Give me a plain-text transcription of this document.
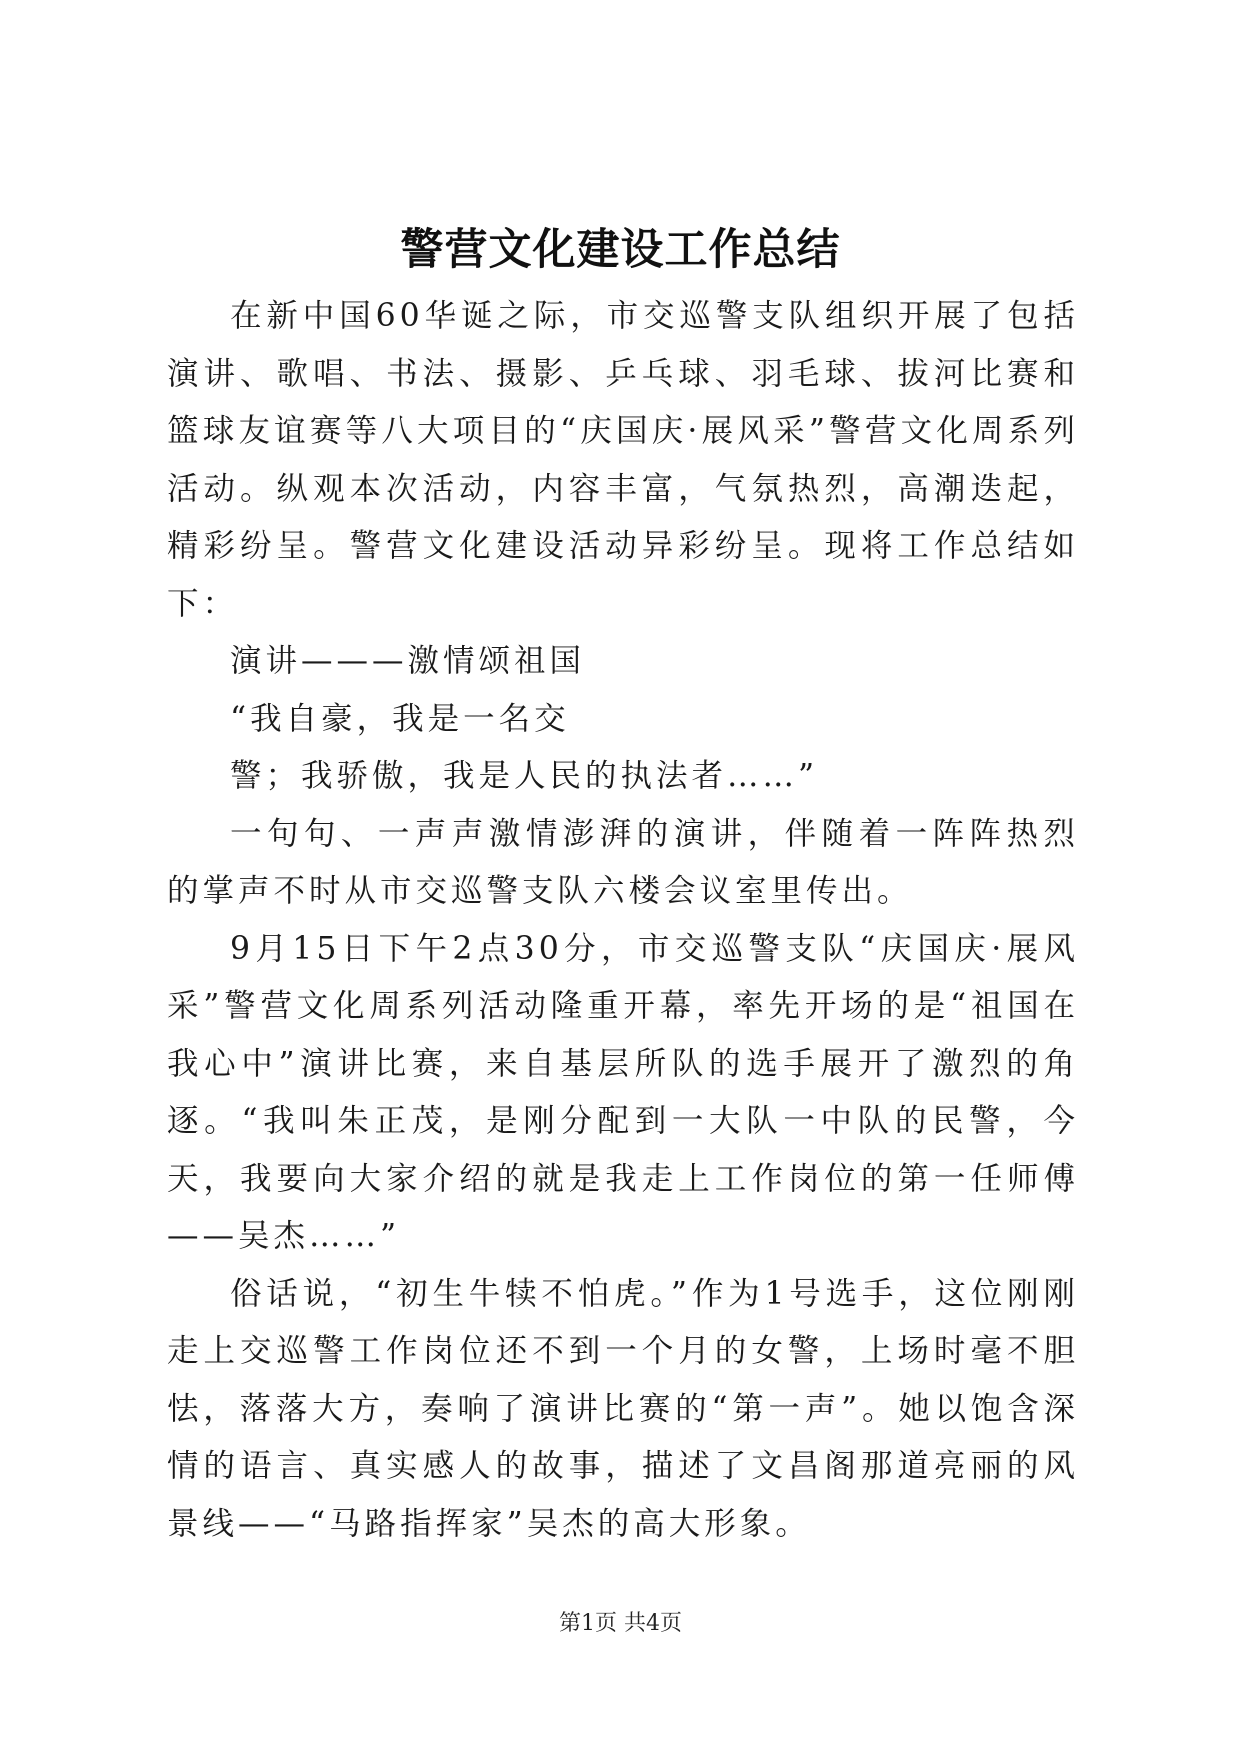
警营文化建设工作总结

在新中国60华诞之际，市交巡警支队组织开展了包括演讲、歌唱、书法、摄影、乒乓球、羽毛球、拔河比赛和篮球友谊赛等八大项目的“庆国庆·展风采”警营文化周系列活动。纵观本次活动，内容丰富，气氛热烈，高潮迭起，精彩纷呈。警营文化建设活动异彩纷呈。现将工作总结如下：

演讲———激情颂祖国

“我自豪，我是一名交

警；我骄傲，我是人民的执法者……”

一句句、一声声激情澎湃的演讲，伴随着一阵阵热烈的掌声不时从市交巡警支队六楼会议室里传出。

9月15日下午2点30分，市交巡警支队“庆国庆·展风采”警营文化周系列活动隆重开幕，率先开场的是“祖国在我心中”演讲比赛，来自基层所队的选手展开了激烈的角逐。“我叫朱正茂，是刚分配到一大队一中队的民警，今天，我要向大家介绍的就是我走上工作岗位的第一任师傅——吴杰……”

俗话说，“初生牛犊不怕虎。”作为1号选手，这位刚刚走上交巡警工作岗位还不到一个月的女警，上场时毫不胆怯，落落大方，奏响了演讲比赛的“第一声”。她以饱含深情的语言、真实感人的故事，描述了文昌阁那道亮丽的风景线——“马路指挥家”吴杰的高大形象。

第1页 共4页
